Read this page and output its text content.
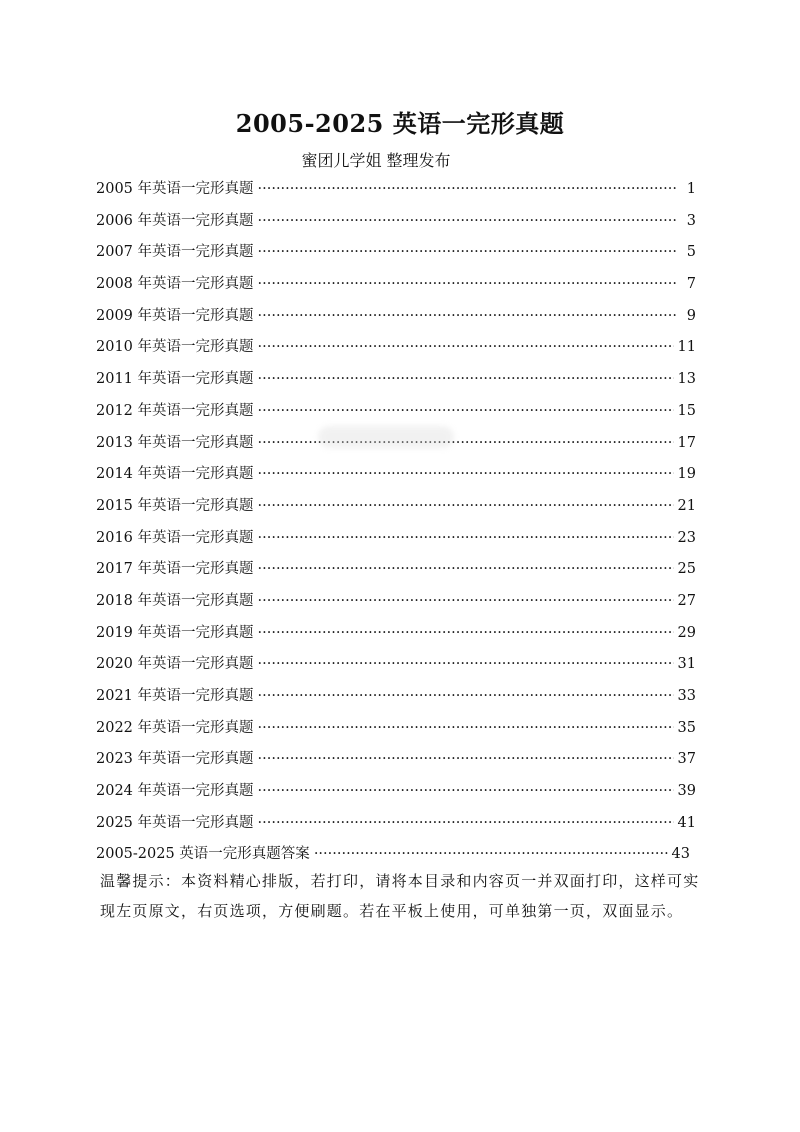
2005-2025 英语一完形真题
蜜团儿学姐 整理发布
2005 年英语一完形真题 ·····	1
2006 年英语一完形真题 ·····	3
2007 年英语一完形真题 ·····	5
2008 年英语一完形真题 ·····	7
2009 年英语一完形真题 ·····	9
2010 年英语一完形真题 ·····	11
2011 年英语一完形真题 ·····	13
2012 年英语一完形真题 ·····	15
2013 年英语一完形真题 ·····	17
2014 年英语一完形真题 ·····	19
2015 年英语一完形真题 ·····	21
2016 年英语一完形真题 ·····	23
2017 年英语一完形真题 ·····	25
2018 年英语一完形真题 ·····	27
2019 年英语一完形真题 ·····	29
2020 年英语一完形真题 ·····	31
2021 年英语一完形真题 ·····	33
2022 年英语一完形真题 ·····	35
2023 年英语一完形真题 ·····	37
2024 年英语一完形真题 ·····	39
2025 年英语一完形真题 ·····	41
2005-2025 英语一完形真题答案 ·····	43
温馨提示：本资料精心排版，若打印，请将本目录和内容页一并双面打印，这样可实现左页原文，右页选项，方便刷题。若在平板上使用，可单独第一页，双面显示。
